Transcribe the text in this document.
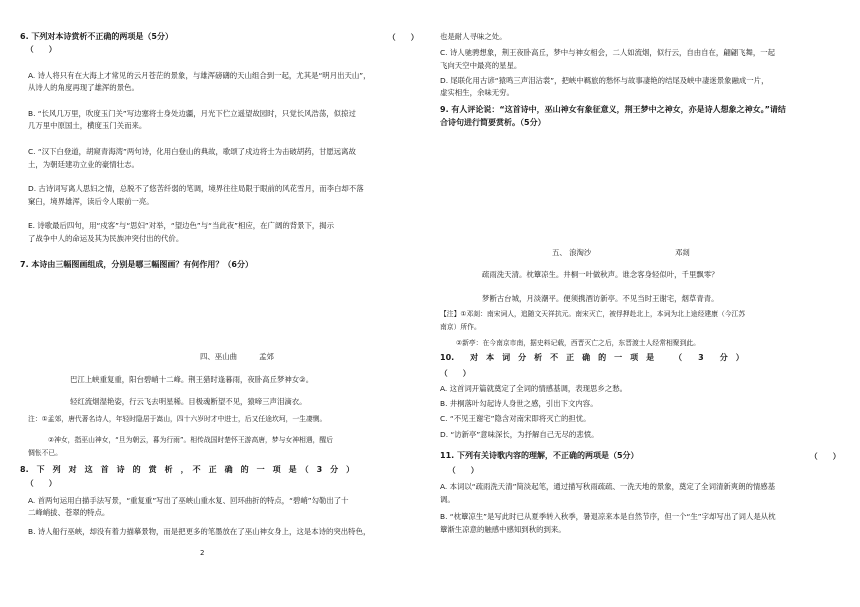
6. 下列对本诗赏析不正确的两项是（5分）	（　　）
（　　）
A. 诗人将只有在大海上才常见的云月苍茫的景象，与雄浑磅礴的天山组合到一起，尤其是“明月出天山”，
从诗人的角度再现了雄浑的景色。
B. “长风几万里，吹度玉门关”写边塞将士身处边疆，月光下伫立遥望故园时，只觉长风浩荡，似掠过
几万里中原国土，横度玉门关而来。
C. “汉下白登道，胡窥青海湾”两句诗，化用白登山的典故，歌颂了戍边将士为击破胡药，甘愿远离故
土，为朝廷建功立业的豪情壮志。
D. 古诗词写离人思妇之情，总脱不了悠苦纤弱的笔调，境界往往局限于眼前的风花雪月，而李白却不落
窠臼，境界雄浑，读后令人眼前一亮。
E. 诗歌最后四句，用“戍客”与“思妇”对举，“望边色”与“当此夜”相应，在广阔的背景下，揭示
了战争中人的命运及其为民族冲突付出的代价。
7. 本诗由三幅图画组成，分别是哪三幅图画？有何作用？（6分）
四、巫山曲　　　孟郊
巴江上峡重复重，阳台碧峭十二峰。荆王猎时逢暮雨，夜卧高丘梦神女②。
轻红流烟湿艳姿，行云飞去明星稀。目极魂断望不见，猿啼三声泪滴衣。
注：①孟郊，唐代著名诗人，年轻时隐居于嵩山，四十六岁时才中进士，后又任途坎坷，一生凄恻。
②神女，指巫山神女，“旦为朝云，暮为行雨”。相传战国时楚怀王游高唐，梦与女神相遇，醒后
惆怅不已。
8.　下　列　对　这　首　诗　的　赏　析　，　不　正　确　的　一　项　是　（　3　分　）
（　　）
A. 首两句运用白描手法写景，“重复重”写出了巫峡山重水复、回环曲折的特点，“碧峭”勾勒出了十
二峰峭拔、苍翠的特点。
B. 诗人船行巫峡，却没有着力描摹景物，而是把更多的笔墨放在了巫山神女身上，这是本诗的突出特色，
2
也是耐人寻味之处。
C. 诗人驰骋想象，荆王夜卧高丘，梦中与神女相会，二人如流烟，似行云，自由自在，翩翩飞舞，一起
飞向天空中最亮的星星。
D. 尾联化用古谚“猿鸣三声泪沾裳”，把峡中羁旅的愁怀与故事凄艳的结尾及峡中凄迷景象融成一片，
虚实相生，余味无穷。
9. 有人评论说：“这首诗中，巫山神女有象征意义，荆王梦中之神女，亦是诗人想象之神女。”请结
合诗句进行简要赏析。（5分）
五、 浪淘沙	邓剡
疏雨洗天清。枕簟凉生。井桐一叶做秋声。谁念客身轻似叶，千里飘零？
梦断古台城，月淡潮平。便须携酒访新亭。不见当时王谢宅，烟草青青。
【注】①邓剡：南宋词人，追随文天祥抗元。南宋灭亡，被俘押赴北上，本词为北上途经建康（今江苏
南京）所作。
②新亭：在今南京市南，据史料记载，西晋灭亡之后，东晋渡士人经常相聚到此。
10.　　对　本　词　分　析　不　正　确　的　一　项　是　　　（　　3　　分　）
（　　）
A. 这首词开篇就奠定了全词的情感基调，表现思乡之愁。
B. 井桐落叶勾起诗人身世之感，引出下文内容。
C. “不见王谢宅”隐含对南宋即将灭亡的担忧。
D. “访新亭”意味深长，为抒解自己无尽的悲愤。
11. 下列有关诗歌内容的理解，不正确的两项是（5分）	（　　）
（　　）
A. 本词以“疏雨洗天清”简淡起笔，通过描写秋雨疏疏、一洗天地的景象，奠定了全词清新爽朗的情感基
调。
B. “枕簟凉生”是写此时已从夏季转入秋季，暑退凉来本是自然节序，但一个“生”字却写出了词人是从枕
簟渐生凉意的触感中感知到秋的到来。
